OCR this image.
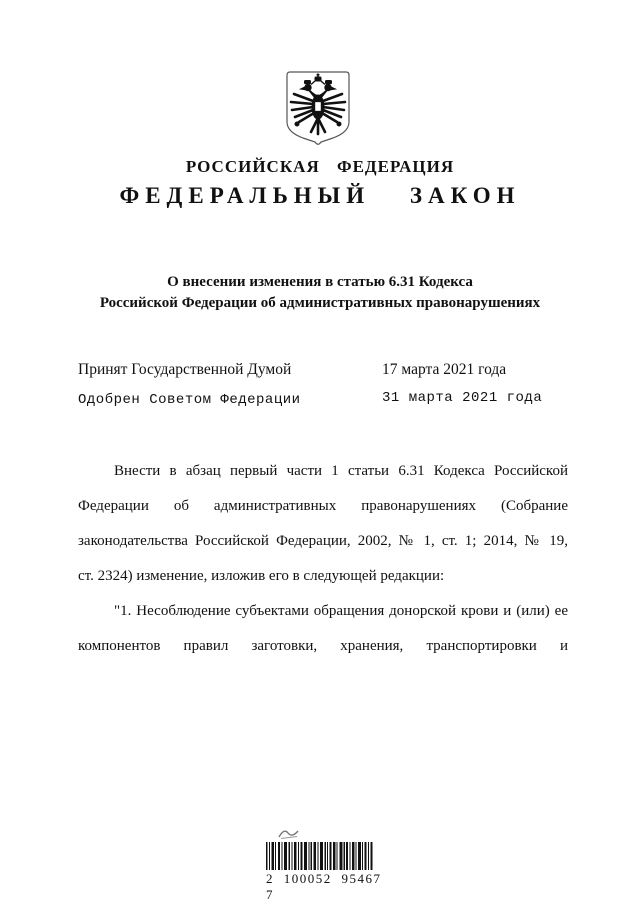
РОССИЙСКАЯ ФЕДЕРАЦИЯ
ФЕДЕРАЛЬНЫЙ ЗАКОН
О внесении изменения в статью 6.31 Кодекса
Российской Федерации об административных правонарушениях
Принят Государственной Думой	17 марта 2021 года
Одобрен Советом Федерации	31 марта 2021 года
Внести в абзац первый части 1 статьи 6.31 Кодекса Российской
Федерации об административных правонарушениях (Собрание
законодательства Российской Федерации, 2002, № 1, ст. 1; 2014, № 19,
ст. 2324) изменение, изложив его в следующей редакции:
"1. Несоблюдение субъектами обращения донорской крови и (или) ее
компонентов правил заготовки, хранения, транспортировки и
2 100052 95467 7
